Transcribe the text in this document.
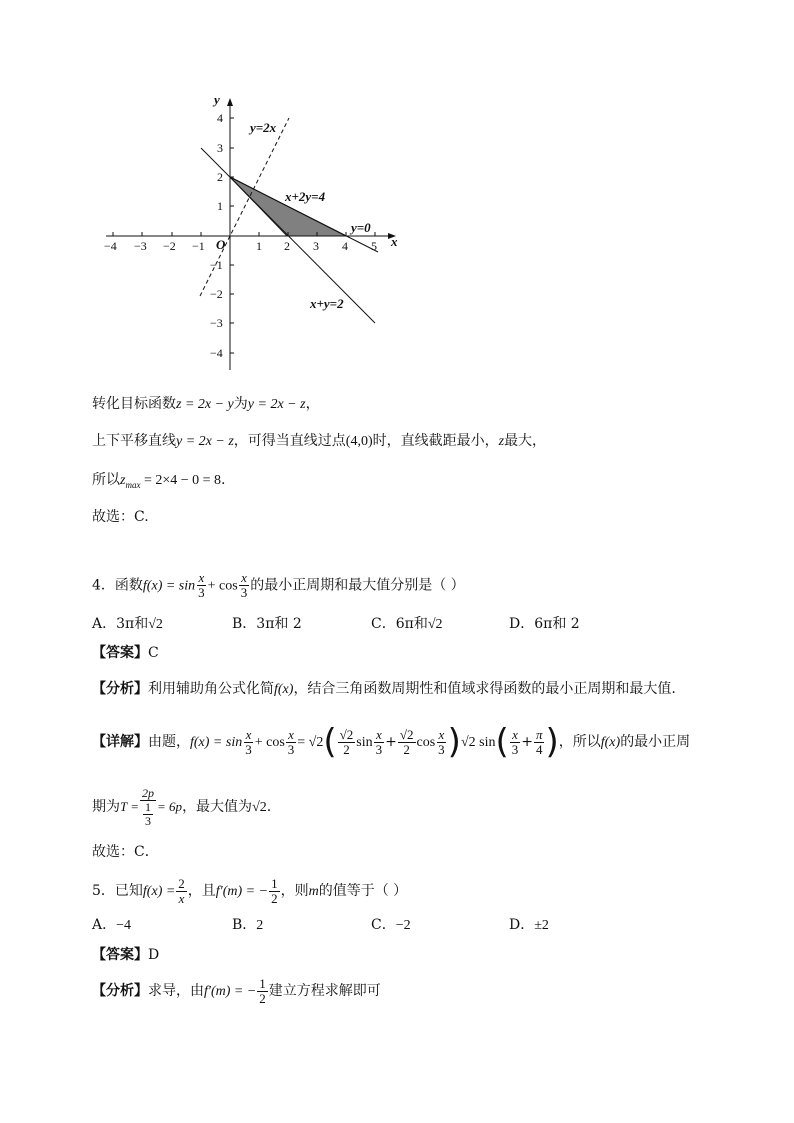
−4 −3 −2 −1	1 2 3 4 5
4
3
2
1
−1
−2
−3
−4
O	x
y
y=2x
x+2y=4
y=0
x+y=2
转化目标函数z = 2x − y为y = 2x − z，
上下平移直线y = 2x − z，可得当直线过点(4,0)时，直线截距最小，z最大，
所以$z_{max} = 2\times 4 - 0 = 8$.
故选：C.
4．函数$f(x) = \sin \frac{x}{3} + \cos \frac{x}{3}$ 的最小正周期和最大值分别是（ ）
A．3π和√2	B．3π和 2	C．6π和√2	D．6π和 2
【答案】C
【分析】利用辅助角公式化简f(x)，结合三角函数周期性和值域求得函数的最小正周期和最大值.
【详解】由题，$f(x) = \sin \frac{x}{3} + \cos \frac{x}{3} = √2( \frac{√2}{2}$ $\sin \frac{x}{3} + \frac{√2}{2}$ $\cos \frac{x}{3} )√2$ $\sin( \frac{x}{3} + \frac{\pi}{4}$ )，所以f(x)的最小正周
期为T = 2p
1
3 = 6p，最大值为√2.
故选：C．
5．已知$f(x) = \frac{2}{x}$ ，且f′(m) = − $\frac{1}{2}$ ，则m的值等于（ ）
A．−4	B．2	C．−2	D．±2
【答案】D
【分析】求导，由f′(m) = − $\frac{1}{2}$ 建立方程求解即可
